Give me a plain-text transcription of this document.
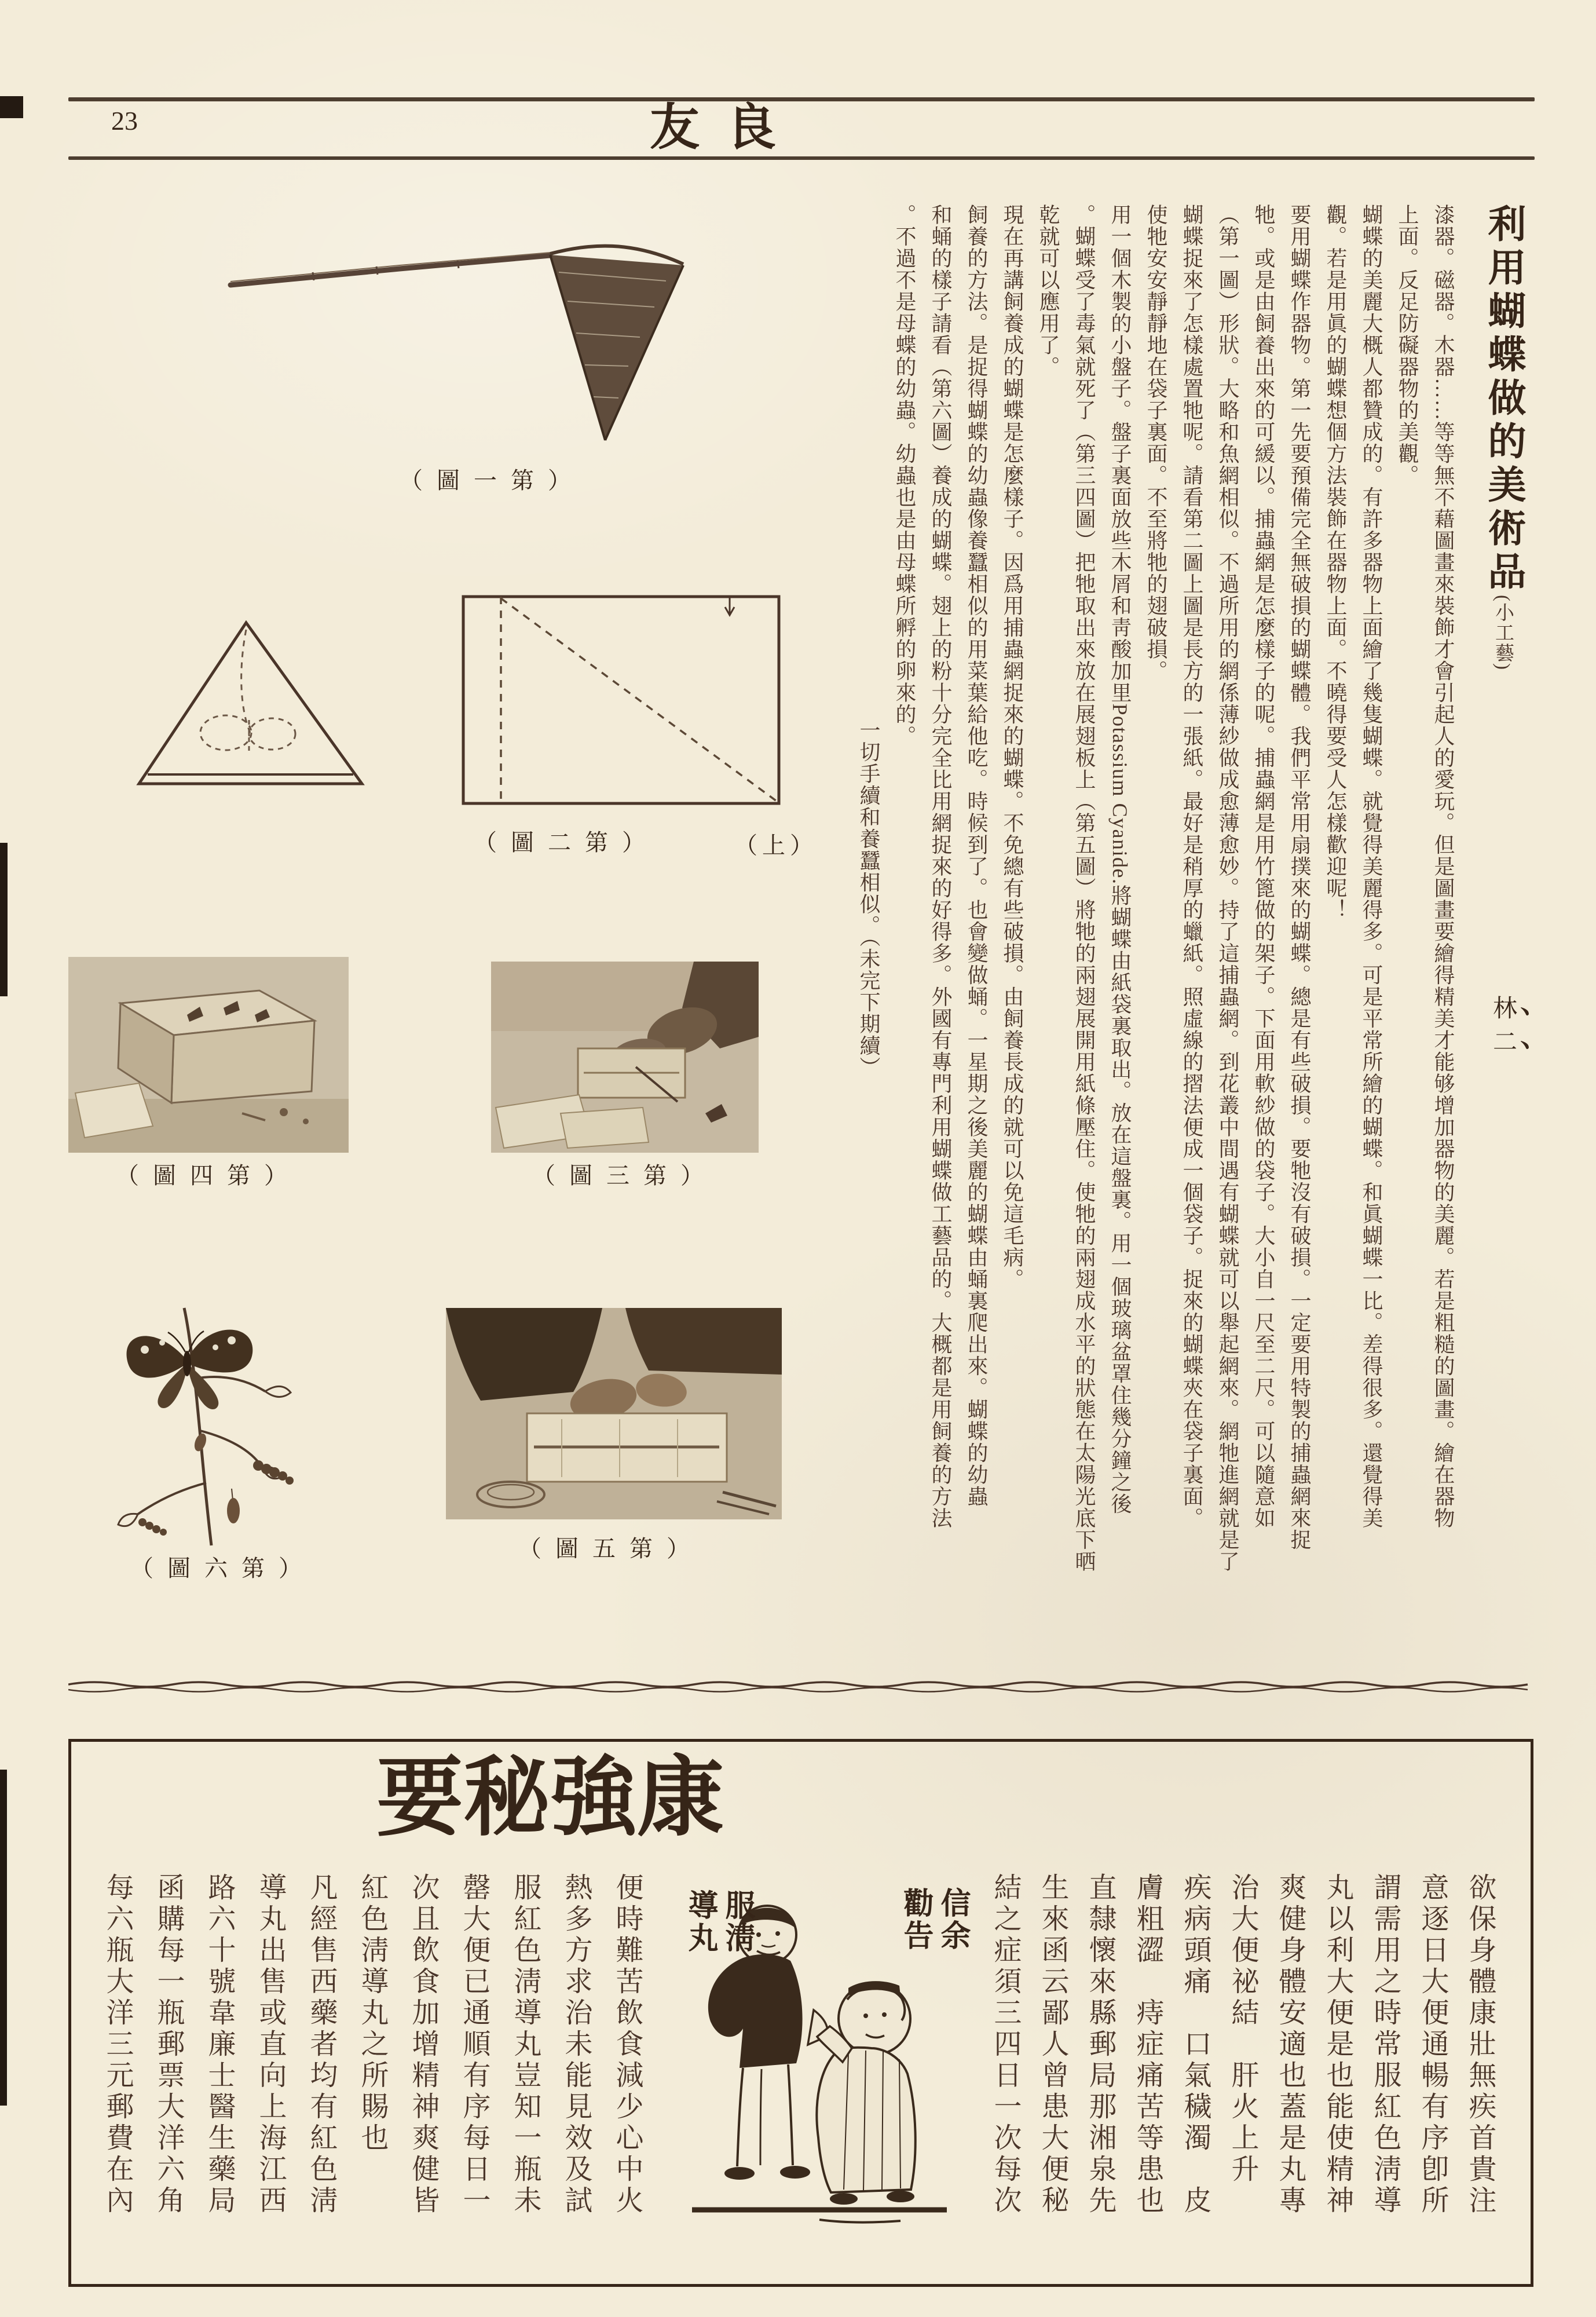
23	友良
（圖一第）
（圖二第）	（上）
（圖四第）	（圖三第）
（圖六第）
（圖五第）
利用蝴蝶做的美術品(小工藝)林二
漆器。磁器。木器……等等無不藉圖畫來裝飾才會引起人的愛玩。但是圖畫要繪得精美才能够增加器物的美麗。若是粗糙的圖畫。繪在器物
上面。反足防礙器物的美觀。
蝴蝶的美麗大概人都贊成的。有許多器物上面繪了幾隻蝴蝶。就覺得美麗得多。可是平常所繪的蝴蝶。和眞蝴蝶一比。差得很多。還覺得美
觀。若是用眞的蝴蝶想個方法裝飾在器物上面。不曉得要受人怎樣歡迎呢！
要用蝴蝶作器物。第一先要預備完全無破損的蝴蝶體。我們平常用扇撲來的蝴蝶。總是有些破損。要牠沒有破損。一定要用特製的捕蟲網來捉
牠。或是由飼養出來的可緩以。捕蟲網是怎麼樣子的呢。捕蟲網是用竹篦做的架子。下面用軟紗做的袋子。大小自一尺至二尺。可以隨意如
（第一圖）形狀。大略和魚網相似。不過所用的網係薄紗做成愈薄愈妙。持了這捕蟲網。到花叢中間遇有蝴蝶就可以舉起網來。網牠進網就是了
蝴蝶捉來了怎樣處置牠呢。請看第二圖上圖是長方的一張紙。最好是稍厚的蠟紙。照虛線的摺法便成一個袋子。捉來的蝴蝶夾在袋子裏面。
使牠安安靜靜地在袋子裏面。不至將牠的翅破損。
用一個木製的小盤子。盤子裏面放些木屑和靑酸加里Potassium Cyanide.將蝴蝶由紙袋裏取出。放在這盤裏。用一個玻璃盆罩住幾分鐘之後
。蝴蝶受了毒氣就死了（第三四圖）把牠取出來放在展翅板上（第五圖）將牠的兩翅展開用紙條壓住。使牠的兩翅成水平的狀態在太陽光底下晒
乾就可以應用了。
現在再講飼養成的蝴蝶是怎麼樣子。因爲用捕蟲網捉來的蝴蝶。不免總有些破損。由飼養長成的就可以免這毛病。
飼養的方法。是捉得蝴蝶的幼蟲像養蠶相似的用菜葉給他吃。時候到了。也會變做蛹。一星期之後美麗的蝴蝶由蛹裏爬出來。蝴蝶的幼蟲
和蛹的樣子請看（第六圖）養成的蝴蝶。翅上的粉十分完全比用網捉來的好得多。外國有專門利用蝴蝶做工藝品的。大概都是用飼養的方法
。不過不是母蝶的幼蟲。幼蟲也是由母蝶所孵的卵來的。
一切手續和養蠶相似。（未完下期續）
要秘強康
欲保身體康壯無疾首貴注
意逐日大便通暢有序卽所
謂需用之時常服紅色淸導
丸以利大便是也能使精神
爽健身體安適也蓋是丸專
治大便祕結　肝火上升
疾病頭痛　口氣穢濁　皮
膚粗澀　痔症痛苦等患也
直隸懷來縣郵局那湘泉先
生來函云鄙人曾患大便秘
結之症須三四日一次每次
信余
勸告
服淸
導丸
便時難苦飲食減少心中火
熱多方求治未能見效及試
服紅色淸導丸豈知一瓶未
罄大便已通順有序每日一
次且飲食加增精神爽健皆
紅色淸導丸之所賜也
凡經售西藥者均有紅色淸
導丸出售或直向上海江西
路六十號韋廉士醫生藥局
函購每一瓶郵票大洋六角
每六瓶大洋三元郵費在內
